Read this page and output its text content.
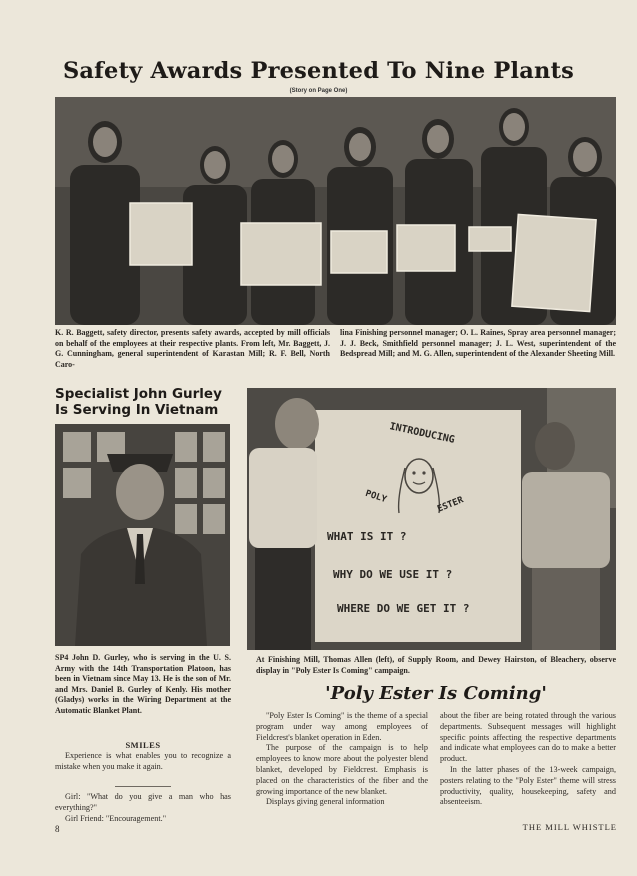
Safety Awards Presented To Nine Plants
(Story on Page One)
K. R. Baggett, safety director, presents safety awards, accepted by mill officials on behalf of the employees at their respective plants. From left, Mr. Baggett, J. G. Cunningham, general superintendent of Karastan Mill; R. F. Bell, North Caro-
lina Finishing personnel manager; O. L. Raines, Spray area personnel manager; J. J. Beck, Smithfield personnel manager; J. L. West, superintendent of the Bedspread Mill; and M. G. Allen, superintendent of the Alexander Sheeting Mill.
Specialist John Gurley
Is Serving In Vietnam
SP4 John D. Gurley, who is serving in the U. S. Army with the 14th Transportation Platoon, has been in Vietnam since May 13. He is the son of Mr. and Mrs. Daniel B. Gurley of Kenly. His mother (Gladys) works in the Wiring Department at the Automatic Blanket Plant.
SMILES

Experience is what enables you to recognize a mistake when you make it again.

Girl: "What do you give a man who has everything?"

Girl Friend: "Encouragement."

INTRODUCING
POLY	ESTER
WHAT IS IT ?
WHY DO WE USE IT ?
WHERE DO WE GET IT ?
At Finishing Mill, Thomas Allen (left), of Supply Room, and Dewey Hairston, of Bleachery, observe display in "Poly Ester Is Coming" campaign.
'Poly Ester Is Coming'

"Poly Ester Is Coming" is the theme of a special program under way among employees of Fieldcrest's blanket operation in Eden.

The purpose of the campaign is to help employees to know more about the polyester blend blanket, developed by Fieldcrest. Emphasis is placed on the characteristics of the fiber and the growing importance of the new blanket.

Displays giving general information

about the fiber are being rotated through the various departments. Subsequent messages will highlight specific points affecting the respective departments and indicate what employees can do to make a better product.

In the latter phases of the 13-week campaign, posters relating to the "Poly Ester" theme will stress productivity, quality, housekeeping, safety and absenteeism.

8	THE MILL WHISTLE
